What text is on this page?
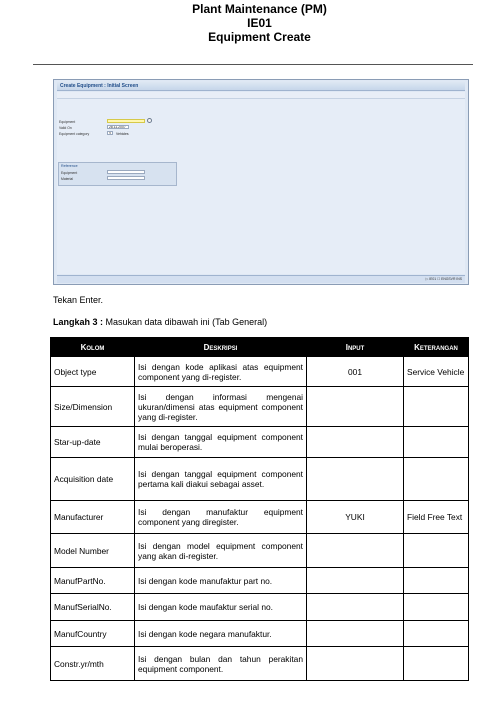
Plant Maintenance (PM)
IE01
Equipment Create
Create Equipment : Initial Screen
Equipment
Valid On	28.11.2007
Equipment category	V	Vehicles
Reference
Equipment
Material
▷ IE01 ☐ ENGSVR INS
Tekan Enter.
Langkah 3 : Masukan data dibawah ini (Tab General)
Kolom	Deskripsi	Input	Keterangan
Object type	Isi dengan kode aplikasi atas equipment component yang di-register.	001	Service Vehicle
Size/Dimension	Isi dengan informasi mengenai ukuran/dimensi atas equipment component yang di-register.		
Star-up-date	Isi dengan tanggal equipment component mulai beroperasi.		
Acquisition date	Isi dengan tanggal equipment component pertama kali diakui sebagai asset.		
Manufacturer	Isi dengan manufaktur equipment component yang diregister.	YUKI	Field Free Text
Model Number	Isi dengan model equipment component yang akan di-register.		
ManufPartNo.	Isi dengan kode manufaktur part no.		
ManufSerialNo.	Isi dengan kode maufaktur serial no.		
ManufCountry	Isi dengan kode negara manufaktur.		
Constr.yr/mth	Isi dengan bulan dan tahun perakitan equipment component.		
